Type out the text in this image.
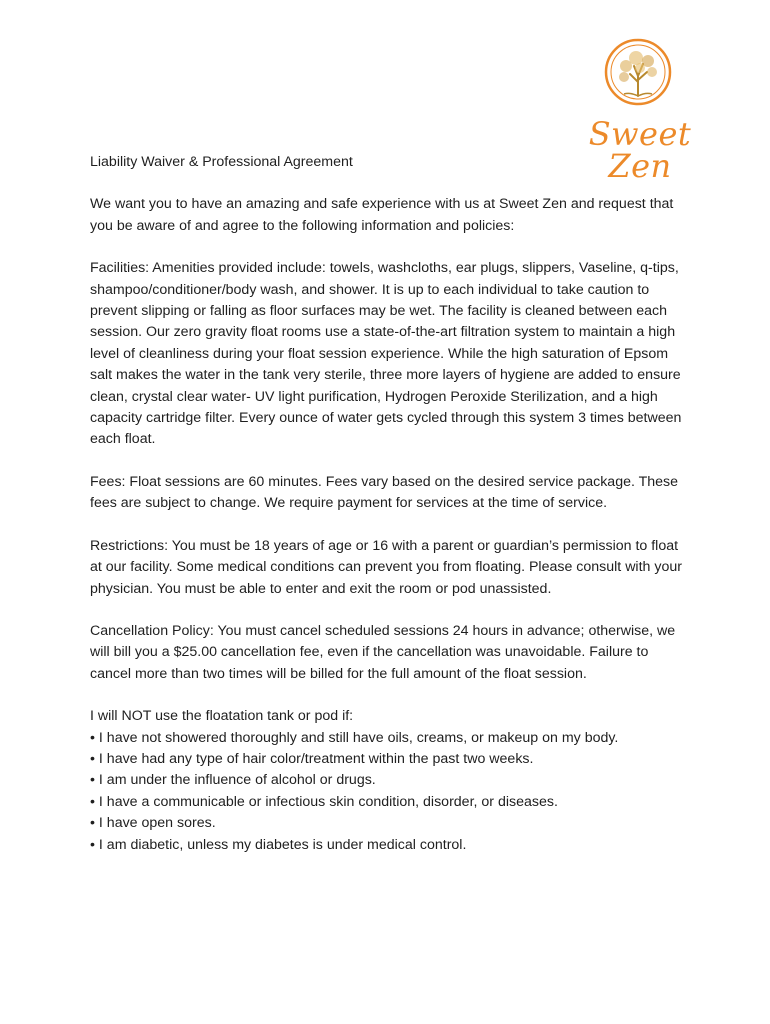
Sweet Zen

Liability Waiver & Professional Agreement

We want you to have an amazing and safe experience with us at Sweet Zen and request that you be aware of and agree to the following information and policies:

Facilities: Amenities provided include: towels, washcloths, ear plugs, slippers, Vaseline, q-tips, shampoo/conditioner/body wash, and shower. It is up to each individual to take caution to prevent slipping or falling as floor surfaces may be wet. The facility is cleaned between each session. Our zero gravity float rooms use a state-of-the-art filtration system to maintain a high level of cleanliness during your float session experience. While the high saturation of Epsom salt makes the water in the tank very sterile, three more layers of hygiene are added to ensure clean, crystal clear water- UV light purification, Hydrogen Peroxide Sterilization, and a high capacity cartridge filter. Every ounce of water gets cycled through this system 3 times between each float.

Fees: Float sessions are 60 minutes. Fees vary based on the desired service package. These fees are subject to change. We require payment for services at the time of service.

Restrictions: You must be 18 years of age or 16 with a parent or guardian’s permission to float at our facility. Some medical conditions can prevent you from floating. Please consult with your physician. You must be able to enter and exit the room or pod unassisted.

Cancellation Policy: You must cancel scheduled sessions 24 hours in advance; otherwise, we will bill you a $25.00 cancellation fee, even if the cancellation was unavoidable. Failure to cancel more than two times will be billed for the full amount of the float session.

I will NOT use the floatation tank or pod if:
• I have not showered thoroughly and still have oils, creams, or makeup on my body.
• I have had any type of hair color/treatment within the past two weeks.
• I am under the influence of alcohol or drugs.
• I have a communicable or infectious skin condition, disorder, or diseases.
• I have open sores.
• I am diabetic, unless my diabetes is under medical control.
